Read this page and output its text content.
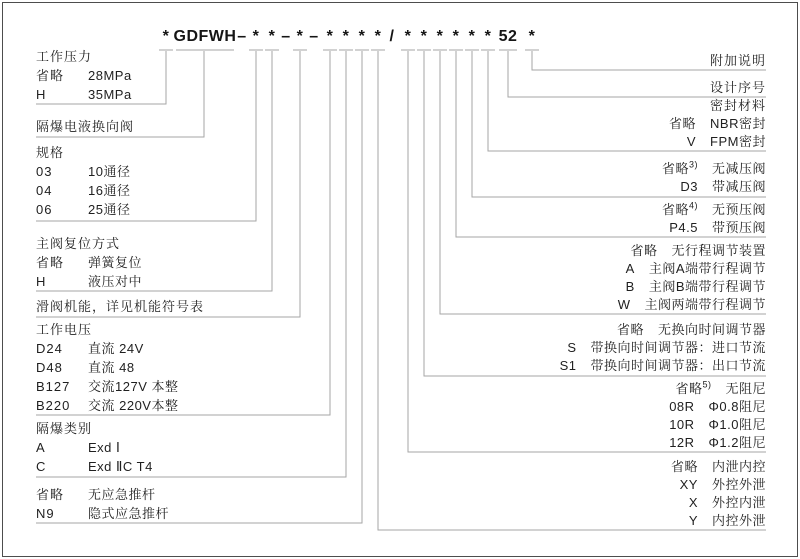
* GDFWH – * * – * – * * * * / * * * * * * 52 *
工作压力
省略	28MPa
H	35MPa
隔爆电液换向阀
规格
03	10通径
04	16通径
06	25通径
主阀复位方式
省略	弹簧复位
H	液压对中
滑阀机能，详见机能符号表
工作电压
D24	直流 24V
D48	直流 48
B127	交流127V 本整
B220	交流 220V本整
隔爆类别
A	Exd Ⅰ
C	Exd ⅡC T4
省略	无应急推杆
N9	隐式应急推杆
附加说明
设计序号
密封材料
省略 NBR密封
V FPM密封
省略$^{3)}$ 无减压阀
D3 带减压阀
省略$^{4)}$ 无预压阀
P4.5 带预压阀
省略 无行程调节装置
A 主阀A端带行程调节
B 主阀B端带行程调节
W 主阀两端带行程调节
省略 无换向时间调节器
S 带换向时间调节器：进口节流
S1 带换向时间调节器：出口节流
省略$^{5)}$ 无阻尼
08R Φ0.8阻尼
10R Φ1.0阻尼
12R Φ1.2阻尼
省略 内泄内控
XY 外控外泄
X 外控内泄
Y 内控外泄
